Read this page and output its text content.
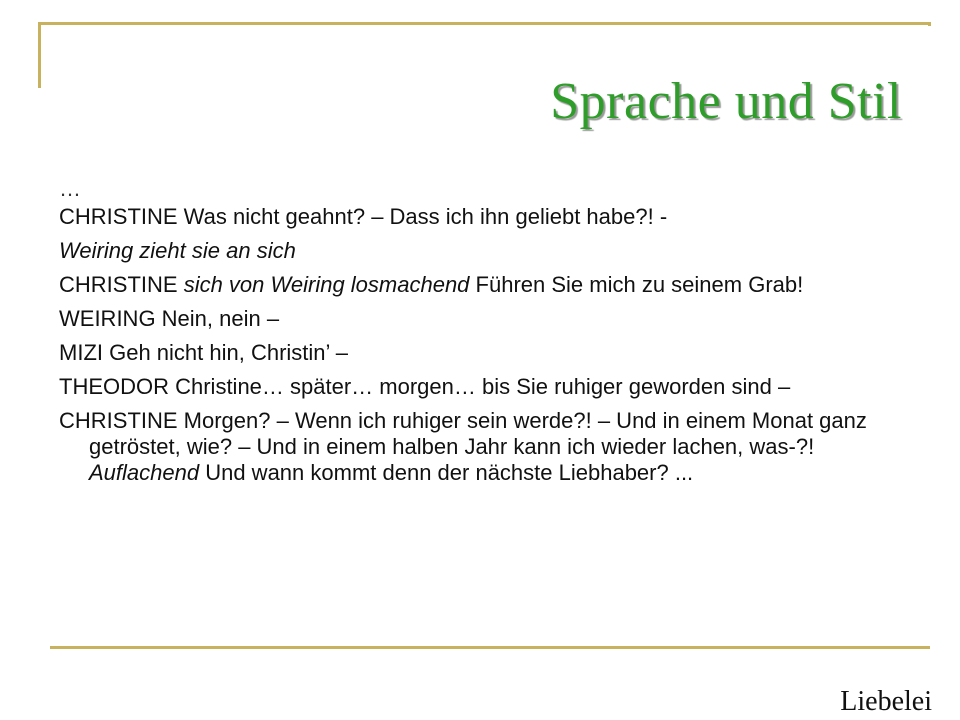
Sprache und Stil

…

CHRISTINE Was nicht geahnt? – Dass ich ihn geliebt habe?! -

Weiring zieht sie an sich

CHRISTINE sich von Weiring losmachend Führen Sie mich zu seinem Grab!

WEIRING Nein, nein –

MIZI Geh nicht hin, Christin’ –

THEODOR Christine… später… morgen… bis Sie ruhiger geworden sind –

CHRISTINE Morgen? – Wenn ich ruhiger sein werde?! – Und in einem Monat ganz getröstet, wie? – Und in einem halben Jahr kann ich wieder lachen, was-?! Auflachend Und wann kommt denn der nächste Liebhaber? ...

Liebelei
